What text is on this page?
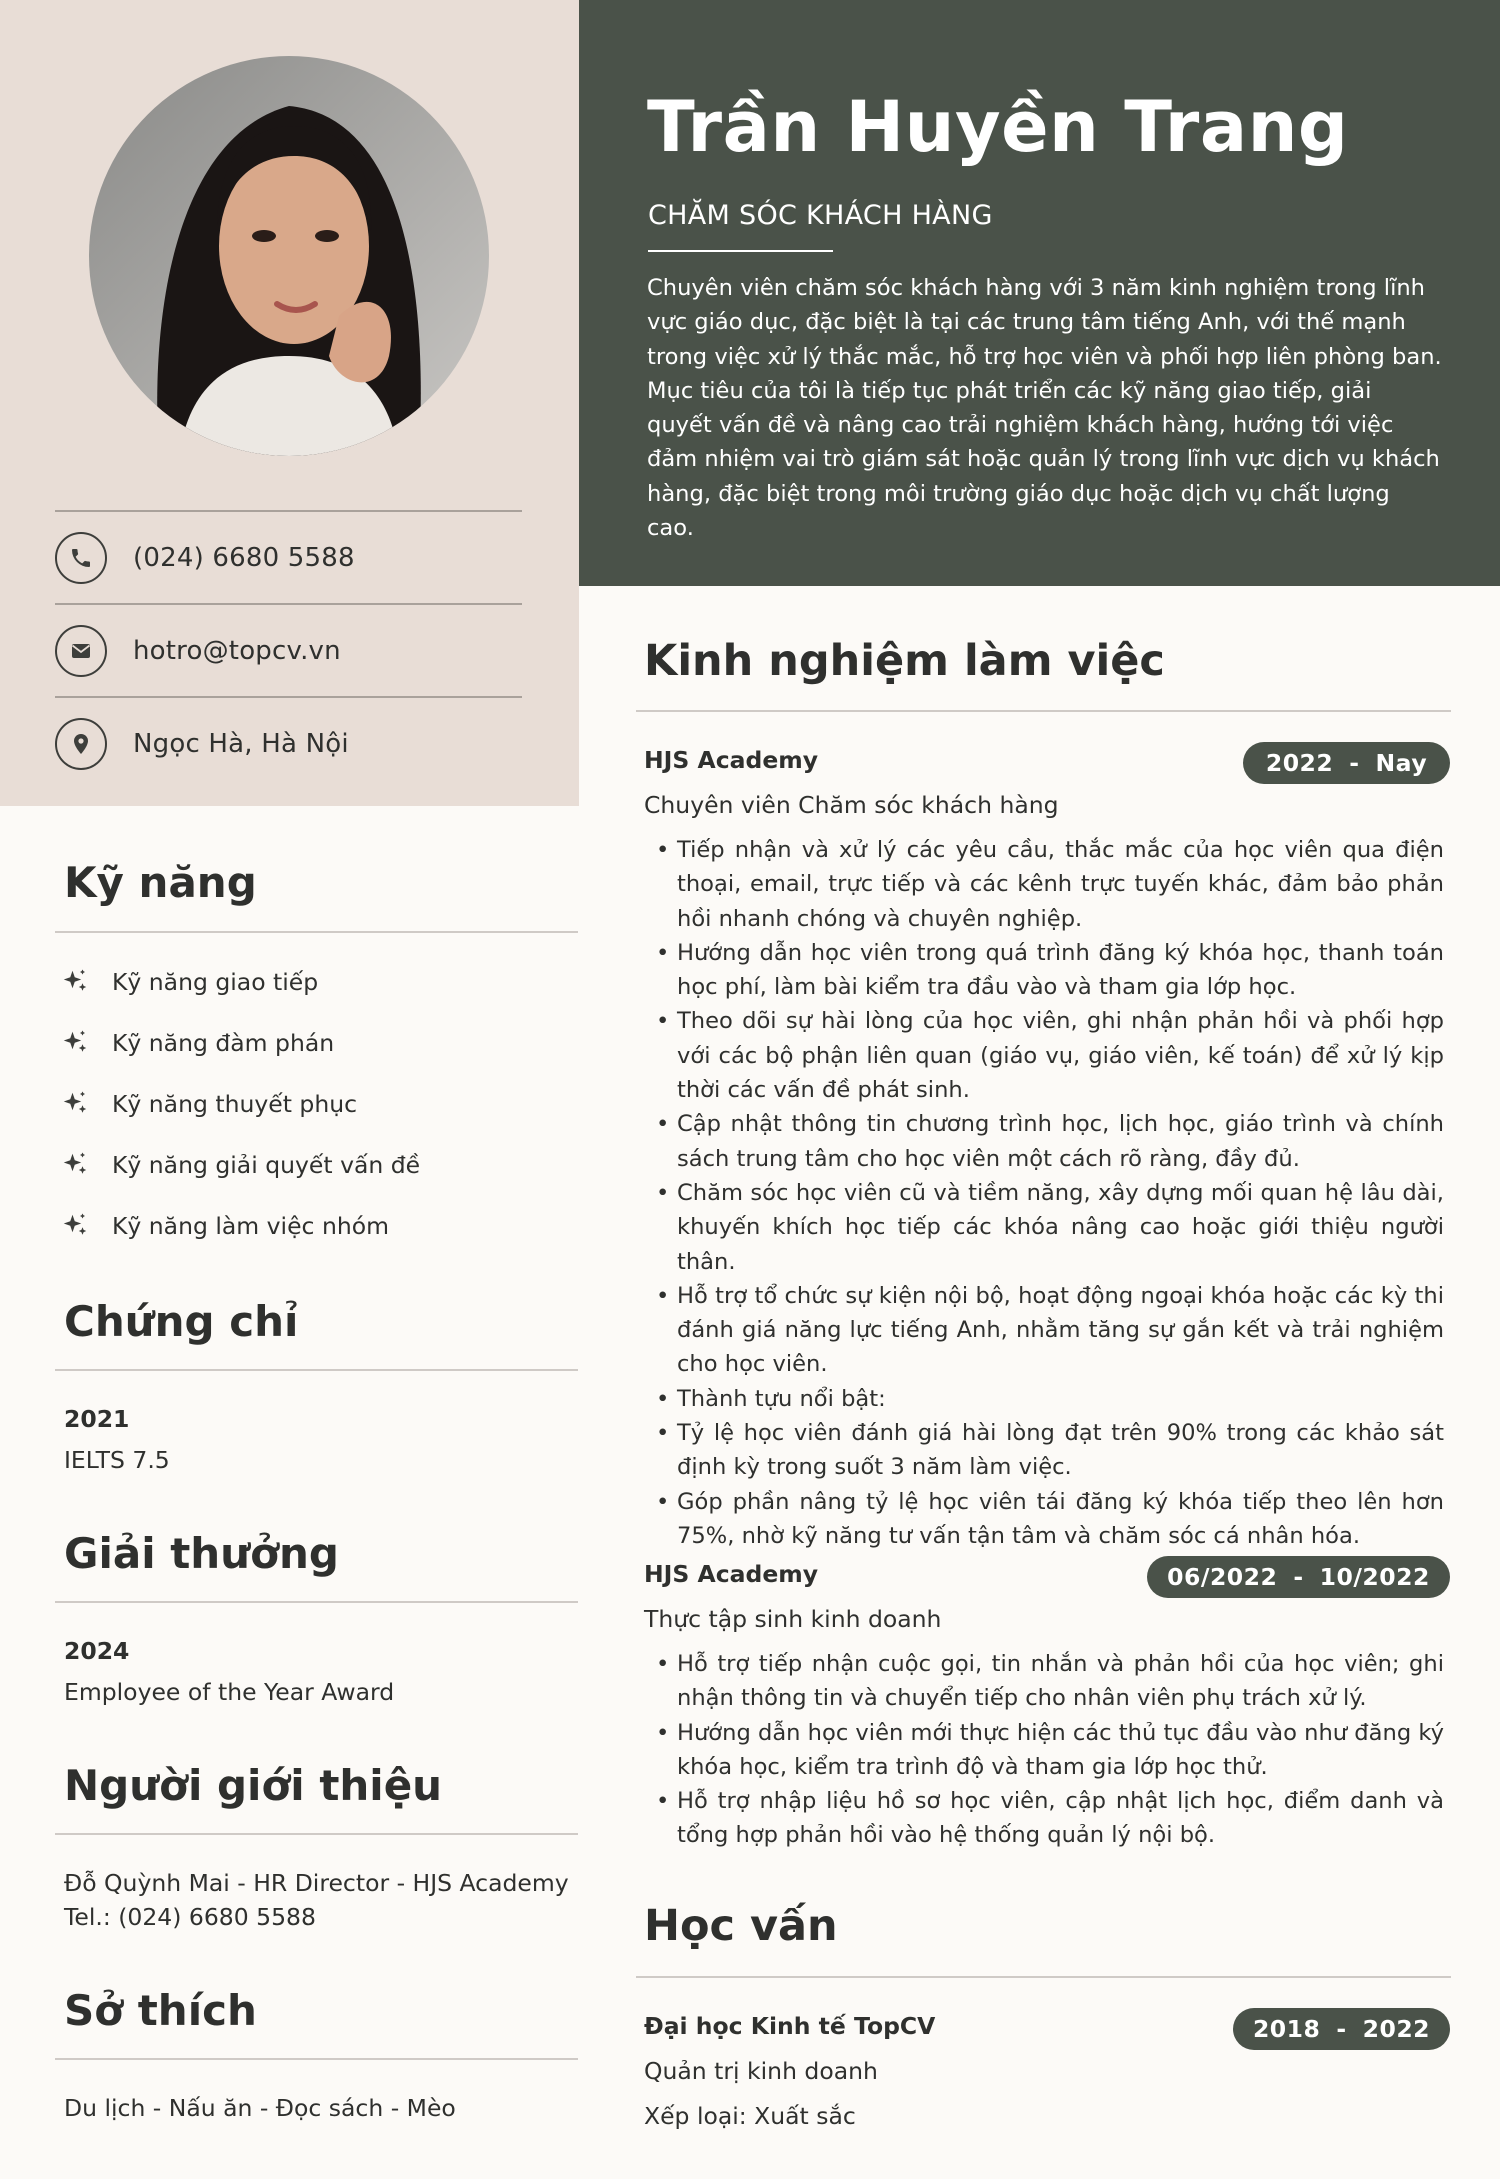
(024) 6680 5588
hotro@topcv.vn
Ngọc Hà, Hà Nội
Trần Huyền Trang
CHĂM SÓC KHÁCH HÀNG
Chuyên viên chăm sóc khách hàng với 3 năm kinh nghiệm trong lĩnh vực giáo dục, đặc biệt là tại các trung tâm tiếng Anh, với thế mạnh trong việc xử lý thắc mắc, hỗ trợ học viên và phối hợp liên phòng ban. Mục tiêu của tôi là tiếp tục phát triển các kỹ năng giao tiếp, giải quyết vấn đề và nâng cao trải nghiệm khách hàng, hướng tới việc đảm nhiệm vai trò giám sát hoặc quản lý trong lĩnh vực dịch vụ khách hàng, đặc biệt trong môi trường giáo dục hoặc dịch vụ chất lượng cao.
Kỹ năng
Kỹ năng giao tiếp
Kỹ năng đàm phán
Kỹ năng thuyết phục
Kỹ năng giải quyết vấn đề
Kỹ năng làm việc nhóm
Chứng chỉ
2021
IELTS 7.5
Giải thưởng
2024
Employee of the Year Award
Người giới thiệu
Đỗ Quỳnh Mai - HR Director - HJS Academy
Tel.: (024) 6680 5588
Sở thích
Du lịch - Nấu ăn - Đọc sách - Mèo
Kinh nghiệm làm việc
HJS Academy	2022 - Nay
Chuyên viên Chăm sóc khách hàng
• Tiếp nhận và xử lý các yêu cầu, thắc mắc của học viên qua điện thoại, email, trực tiếp và các kênh trực tuyến khác, đảm bảo phản hồi nhanh chóng và chuyên nghiệp.
• Hướng dẫn học viên trong quá trình đăng ký khóa học, thanh toán học phí, làm bài kiểm tra đầu vào và tham gia lớp học.
• Theo dõi sự hài lòng của học viên, ghi nhận phản hồi và phối hợp với các bộ phận liên quan (giáo vụ, giáo viên, kế toán) để xử lý kịp thời các vấn đề phát sinh.
• Cập nhật thông tin chương trình học, lịch học, giáo trình và chính sách trung tâm cho học viên một cách rõ ràng, đầy đủ.
• Chăm sóc học viên cũ và tiềm năng, xây dựng mối quan hệ lâu dài, khuyến khích học tiếp các khóa nâng cao hoặc giới thiệu người thân.
• Hỗ trợ tổ chức sự kiện nội bộ, hoạt động ngoại khóa hoặc các kỳ thi đánh giá năng lực tiếng Anh, nhằm tăng sự gắn kết và trải nghiệm cho học viên.
• Thành tựu nổi bật:
• Tỷ lệ học viên đánh giá hài lòng đạt trên 90% trong các khảo sát định kỳ trong suốt 3 năm làm việc.
• Góp phần nâng tỷ lệ học viên tái đăng ký khóa tiếp theo lên hơn 75%, nhờ kỹ năng tư vấn tận tâm và chăm sóc cá nhân hóa.
HJS Academy	06/2022 - 10/2022
Thực tập sinh kinh doanh
• Hỗ trợ tiếp nhận cuộc gọi, tin nhắn và phản hồi của học viên; ghi nhận thông tin và chuyển tiếp cho nhân viên phụ trách xử lý.
• Hướng dẫn học viên mới thực hiện các thủ tục đầu vào như đăng ký khóa học, kiểm tra trình độ và tham gia lớp học thử.
• Hỗ trợ nhập liệu hồ sơ học viên, cập nhật lịch học, điểm danh và tổng hợp phản hồi vào hệ thống quản lý nội bộ.
Học vấn
Đại học Kinh tế TopCV	2018 - 2022
Quản trị kinh doanh
Xếp loại: Xuất sắc
